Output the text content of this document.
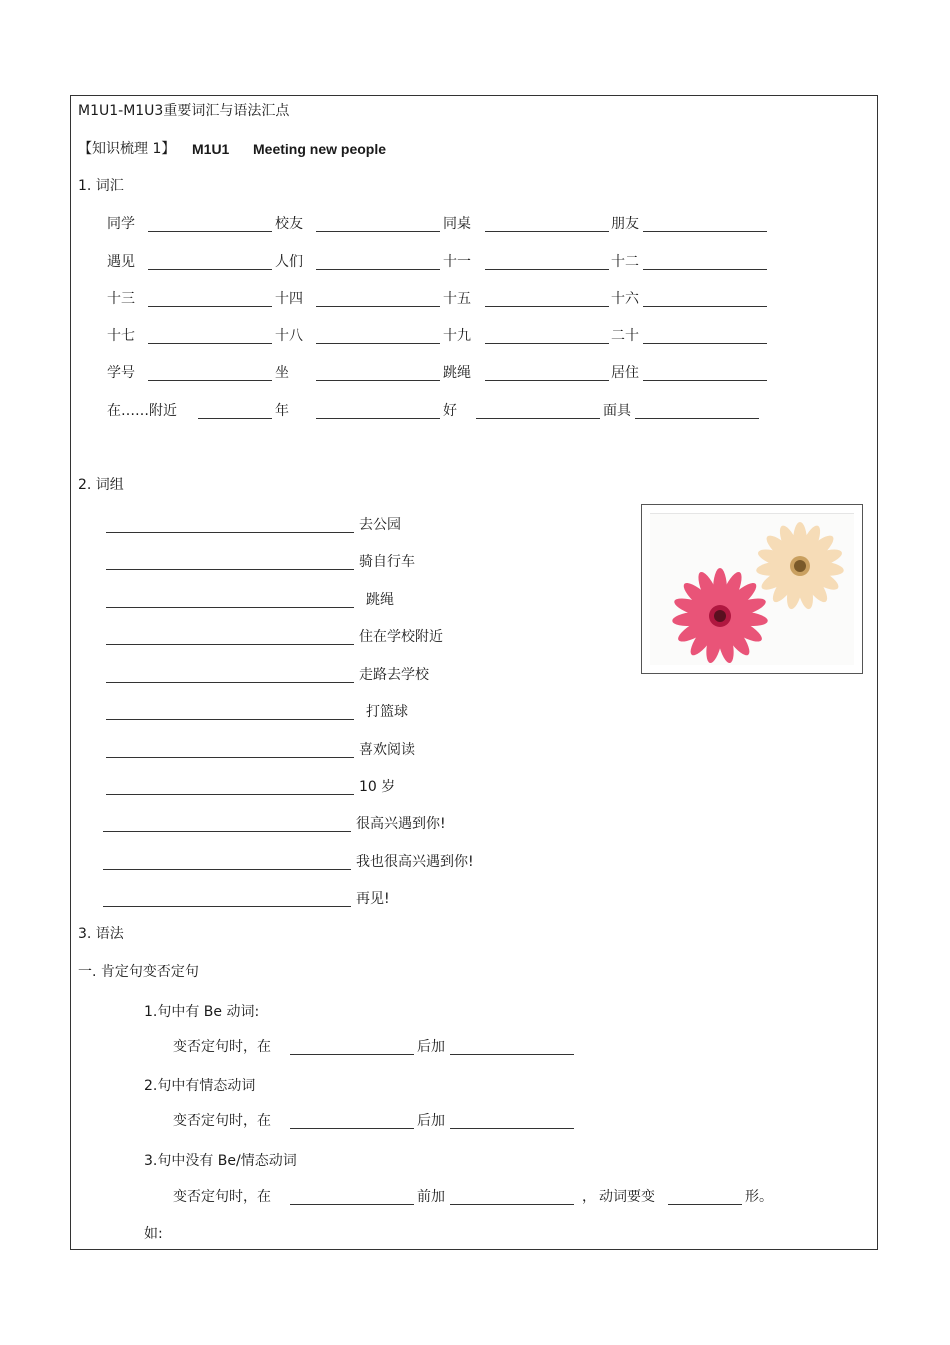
M1U1-M1U3重要词汇与语法汇点
【知识梳理 1】 M1U1 Meeting new people
1. 词汇
同学	校友	同桌	朋友
遇见	人们	十一	十二
十三	十四	十五	十六
十七	十八	十九	二十
学号	坐	跳绳	居住
在……附近	年	好	面具
2. 词组
去公园
骑自行车
跳绳
住在学校附近
走路去学校
打篮球
喜欢阅读
10 岁
很高兴遇到你!
我也很高兴遇到你!
再见!
3. 语法
一. 肯定句变否定句
1.句中有 Be 动词:
变否定句时，在	后加
2.句中有情态动词
变否定句时，在	后加
3.句中没有 Be/情态动词
变否定句时，在	前加	， 动词要变	形。
如:
